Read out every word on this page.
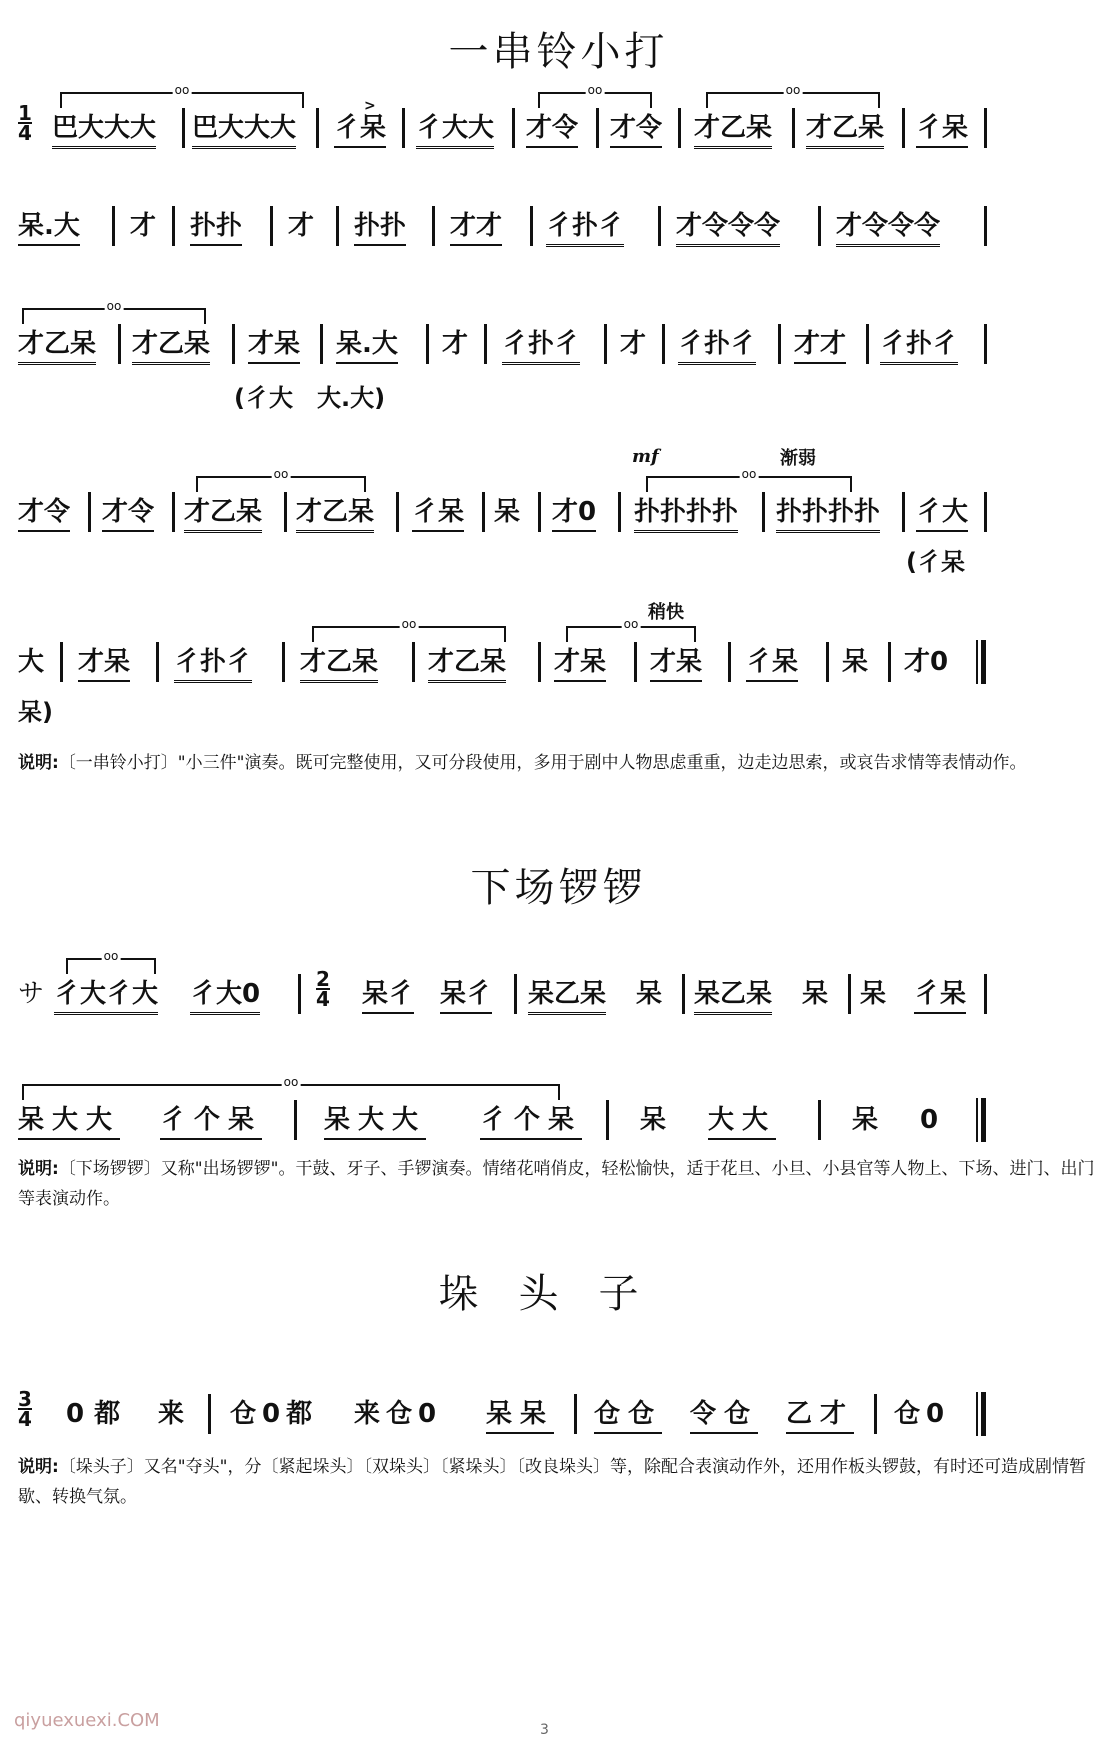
一串铃小打
1
4
oo
巴大大大 巴大大大
>
彳呆 彳大大
oo
才令 才令
oo
才乙呆 才乙呆 彳呆
呆.大 才 扑扑 才 扑扑 才才 彳扑彳 才令令令 才令令令
oo
才乙呆 才乙呆 才呆 呆.大 才 彳扑彳 才 彳扑彳 才才 彳扑彳
(彳大　大.大)
mf	渐弱
才令 才令
oo
才乙呆 才乙呆 彳呆 呆 才0
oo
扑扑扑扑 扑扑扑扑 彳大
(彳呆
稍快
大 才呆 彳扑彳
oo
才乙呆 才乙呆
oo
才呆 才呆 彳呆 呆 才0
呆)
说明:〔一串铃小打〕"小三件"演奏。既可完整使用，又可分段使用，多用于剧中人物思虑重重，边走边思索，或哀告求情等表情动作。
下场锣锣
サ
oo
彳大彳大 彳大0	2
4 呆彳 呆彳 呆乙呆 呆 呆乙呆 呆 呆 彳呆
oo
呆大大 彳个呆 呆大大 彳个呆 呆 大大	呆 0
说明:〔下场锣锣〕又称"出场锣锣"。干鼓、牙子、手锣演奏。情绪花哨俏皮，轻松愉快，适于花旦、小旦、小县官等人物上、下场、进门、出门等表演动作。
垛头子
3
4 0都 来 仓0都 来仓0 呆呆 仓仓 令仓 乙才 仓0
说明:〔垛头子〕又名"夺头"，分〔紧起垛头〕〔双垛头〕〔紧垛头〕〔改良垛头〕等，除配合表演动作外，还用作板头锣鼓，有时还可造成剧情暂歇、转换气氛。
qiyuexuexi.COM	3
